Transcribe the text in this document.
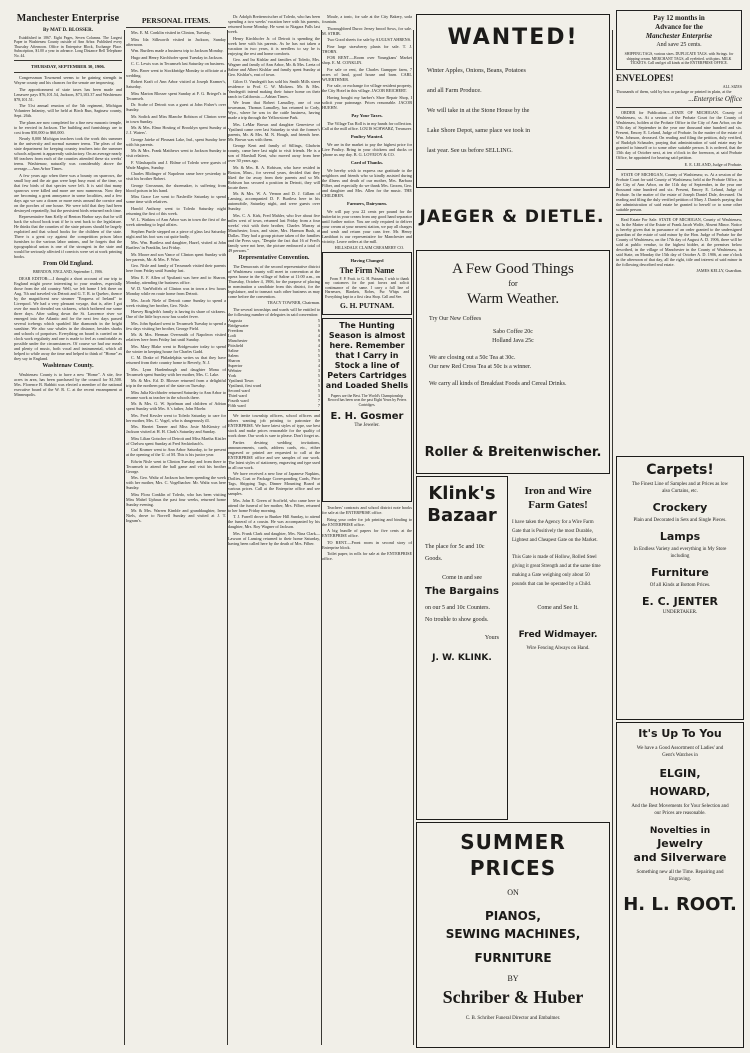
Manchester Enterprise
By MAT D. BLOSSER.

Established in 1867. Eight Pages, Seven Columns. The Largest Paper in Washtenaw County outside of Ann Arbor. Published every Thursday Afternoon. Office in Enterprise Block, Exchange Place. Subscription, $1.00 a year in advance. Long Distance Bell Telephone No. 44.

THURSDAY, SEPTEMBER 30, 1906.

Congressman Townsend seems to be gaining strength in Wayne county and his chances for the senate are improving.

The apportionment of state taxes has been made and Lenawee pays $76,101.54, Jackson, $73,103.37 and Washtenaw $78,101.51.

The 51st annual reunion of the 5th regiment, Michigan Volunteer Infantry, will be held at Birch Run, Saginaw county, Sept. 26th.

The plans are now completed for a fine new masonic temple, to be erected in Jackson. The building and furnishings are to cost from $50,000 to $60,000.

Nearly 8,000 Michigan teachers took the work this summer in the university and normal summer terms. The pleas of the state department for keeping country teachers into the summer schools adjacent is apparently satisfactory. On an average nearly 60 teachers from each of the counties attended these six weeks' terms. Washtenaw, naturally was considerably above the average.—Ann Arbor Times.

A few years ago when there was a bounty on sparrows, the small boy and the air gun were kept busy most of the time, so that few birds of that species were left. It is said that many sparrows were killed and more are now numerous. Now they are becoming a great annoyance in some localities, and a few days ago we saw a dozen or more nests around the cornice and on the porches of one house. We were told that they had been destroyed repeatedly, but the persistent birds returned each time.

Representative Sam Kelly of Benton Harbor says that he will back the school book trust if he is sent back to the legislature. He thinks that the counties of the state prisons should be largely exploited and that school books for the children of the state. There is a great cry against the competition prison labor furnishes to the various labor unions, and he forgets that the typographical union is one of the strongest in the state and would be seriously affected if convicts were set at work printing books.

From Old England.
BRENDON, ENGLAND, September 1, 1906.

DEAR EDITOR:—I thought a short account of our trip to England might prove interesting to your readers, especially those from the old country. Well, we left home I left there on Aug. 7th and traveled via Detroit and G. T. R. to Quebec, thence by the magnificent new steamer "Empress of Ireland" to Liverpool. We had a very pleasant voyage, that is, after I got over the much dreaded sea sickness, which bothered me some three days. After sailing down the St. Lawrence river we emerged into the Atlantic and for the next few days passed several icebergs which sparkled like diamonds in the bright sunshine. We also saw whales in the distance, besides sharks and schools of porpoises. Everything on board is carried on in clock work regularity and one is made to feel as comfortable as possible under the circumstances. Of course we had our meals and plenty of music, both vocal and instrumental, which all helped to while away the time and helped to think of "Home" as they say in England.

Washtenaw County.

Washtenaw County is to have a new "Home". A site, five acres in area, has been purchased by the council for $1,500. Mrs. Florence B. Babbitt was elected a member of the national executive board of the W. R. C. at the recent encampment at Minneapolis.

PERSONAL ITEMS.

Mrs. E. M. Conklin visited in Clinton, Tuesday.

Miss Ida Silkworth visited in Jackson, Sunday afternoon.

Wm. Burtless made a business trip to Jackson Monday.

Hugo and Henry Kirchhofer spent Tuesday in Jackson.

C. C. Lewis was in Tecumseh last Saturday on business.

Mrs. Broer went to Stockbridge Monday to officiate at a wedding.

Robert Kraft of Ann Arbor visited at Joseph Kramer's, Saturday.

Miss Marion Blosser spent Sunday at F. G. Briegel's in Tecumseh.

Dr. Scabe of Detroit was a guest at John Fisher's over Sunday.

Mr. Sodick and Miss Blanche Robison of Clinton were in town Sunday.

Mr. & Mrs. Elmo Hosting of Brooklyn spent Sunday at J. J. Waters'.

George Jaieke of Pleasant Lake, Ind., spent Sunday here with his parents.

Mr. & Mrs. Frank Matthews went to Jackson Sunday to visit relatives.

F. Vilashapolis and J. Ehlme of Toledo were guests of Wade Magins, Sunday.

Charles Blidinger of Napoleon came here yesterday to visit his brother Robert.

George Grossman, the shoemaker, is suffering from blood poison in his hand.

Miss Grace Lee went to Nashville Saturday to spend some time with relatives.

Harold Anthony went to Toledo Saturday night returning the first of this week.

W. L. Watkins of Ann Arbor was in town the first of the week attending to legal affairs.

Stephen Purtle stepped on a piece of glass last Saturday night and his foot was cut quite badly.

Mrs. Wm. Burtless and daughter, Hazel, visited at John Burtless' in Franklin, last Friday.

Mr. Moore and son Vance of Clinton spent Sunday with her parents, Mr. & Mrs. F. Wise.

Geo. Nisle and family of Tecumseh visited their parents here from Friday until Sunday last.

Miss E. F. Allen of Ypsilanti was here and to Sharon, Monday, attending the business office.

W. D. VanWoffels of Clinton was in town a few hours Monday while en route home from Detroit.

Mrs. Jacob Niele of Detroit came Sunday to spend a week visiting her brother, Geo. Nisle.

Harvey Ringleib's family is having its share of sickness. One of the little boys now has scarlet fever.

Mrs. John Spalard went to Tecumseh Tuesday to spend a few days visiting her brother, George Field.

Mr. & Mrs. Herman Oversmith of Napoleon visited relatives here from Friday last until Sunday.

Mrs. Mary Blake went to Bridgewater today to spend the winter in keeping house for Charles Gadd.

C. M. Drake of Philadelphia writes us that they have returned from their country home to Beverly, N. J.

Mrs. Lynn Hardenburgh and daughter Mona of Tecumseh spent Sunday with her mother, Mrs. C. Lake.

Mr. & Mrs. Ed. D. Blosser returned from a delightful trip in the northern part of the state on Tuesday.

Miss Julia Kirchhofer returned Saturday to Ann Arbor to resume work as teacher in the schools there.

Mr. & Mrs. G. W. Spielman and children of Adrian spent Sunday with Mrs. S.'s father, John Moehr.

Mrs. Fred Kessler went to Toledo Saturday to care for her mother, Mrs. C. Vogel, who is dangerously ill.

Mrs. Harriet Tanner and Miss Josie McKinstry of Jackson visited at H. H. Clark's Saturday and Sunday.

Miss Lilian Gotscher of Detroit and Miss Martha Kistler of Chelsea spent Sunday at Fred Seckinbach's.

Carl Kramer went to Ann Arbor Saturday, to be present at the opening of the U. of M. This is his junior year.

Edwin Nisle went to Clinton Tuesday and from there to Tecumseh to attend the ball game and visit his brother George.

Mrs. Geo. Waltz of Jackson has been spending the week with her mother, Mrs. C. Vogelbacher. Mr. Waltz was here Sunday.

Miss Flora Conklin of Toledo, who has been visiting Miss Mabel Uphaus the past four weeks, returned home Sunday evening.

Mr. & Mrs. Warren Kimble and granddaughter, Irene Niels, drove to Norvell Sunday and visited at J. T. Ingram's.

Dr. Adolph Breitenwischer of Toledo, who has been spending a two weeks' vacation here with his parents, returned home Monday. He went to Niagara Falls last week.

Henry Kirchhofer Jr. of Detroit is spending the week here with his parents. As he has not taken a vacation in two years, it is needless to say he is enjoying the rest and home comforts.

Geo. and Ira Kishlar and families of Toledo, Mrs. Wagner and family of Ann Arbor, Mr. & Mrs. Leeta of Saline and Albert Kishlar and family spent Sunday at Geo. Kishlar's, east of town.

Gilon O. Vandegrift has sold his Smith Mills street residence to Prof. C. W. Mickens. Mr. & Mrs. Vandegrift intend making their future home on their ranch in California —Adrian Times.

We learn that Robert Lamalley, one of our townsman, Thomas Lamalley, has returned to Cody, Wyo., where he was in the cattle business, having made a trip through the Yellowstone Park.

Mrs. LeMar Brown and daughter Genevieve of Ypsilanti came over last Saturday to visit the former's parents, Mr. & Mrs. M. N. Hough, and friends here. Mr. Brown was with them.

George Kent and family of Sillings, Gladwin county, came here last night to visit friends. He is a son of Marshall Kent, who moved away from here over 30 years ago.

Mr. & Mrs. B. A. Robison, who have resided in Boston, Mass., for several years, decided that they liked the far away from their parents and so Mr. Robison has secured a position in Detroit, they will locate there.

Mr. & Mrs. W. A. Vernon and D. J. Gillam of Lansing, accompanied D. F. Burtless here in his automobile, Saturday night, and were guests over Sunday.

Mrs. C. A. Kirk, Fred Mahler, who live about five miles west of town, returned last Friday from a four weeks' visit with their brother, Charles Murray at Manchester, Iowa, and sister, Mrs. Harmon Bush, at Dallas. They had a group picture taken of the families and the Press says, "Despite the fact that 16 of Fred's family were not here, the picture embraced a total of 49 persons."

Representative Convention.

The Democrats of the second representative district of Washtenaw county will meet in convention at the opera house in the village of Saline at 11:00 a.m., on Thursday, October 4, 1906, for the purpose of placing in nomination a candidate from this district, for the legislature, and to transact such other business as may come before the convention.

TRACY TOWNER, Chairman.

The several townships and wards will be entitled to the following number of delegates in said convention:

Augusta	5
Bridgewater	3
Freedom	6
Lodi	4
Manchester	9
Pittsfield	4
Saline	5
Salem	5
Sharon	3
Superior	4
Webster	3
York	5
Ypsilanti Town	3
Ypsilanti, first ward	5
Second ward	5
Third ward	3
Fourth ward	7
Fifth ward	7

We invite township officers, school officers and others wanting job printing to patronize the ENTERPRISE. We have latest styles of type, use best stock and make prices reasonable for the quality of work done. Our work is sure to please. Don't forget us.

Parties desiring wedding invitations, announcements, cards, address cards, etc., either engraved or printed are requested to call at the ENTERPRISE office and see samples of our work. The latest styles of stationery, engraving and type used in all our work.

We have received a new line of Japanese Napkins, Doilies, Coat or Package Corresponding Cards, Price Tags, Shipping Tags, Dinner Mounting Board at various prices. Call at the Enterprise office and see samples.

Mrs. John E. Green of Scofield, who came here to attend the funeral of her mother, Mrs. Filber, returned to her home Friday morning.

T. J. Farrell drove to Bunker Hill Sunday, to attend the funeral of a cousin. He was accompanied by his daughter, Mrs. Roy Wagner of Jackson.

Mrs. Frank Clark and daughter, Mrs. Nina Clark—Lawson of Lansing returned to their home Saturday, having been called here by the death of Mrs. Filber.

Moale, a tonic, for sale at the City Bakery, soda fountain.

Thoroughbred Duroc Jersey brood Sows, for sale. M. STRIB.

Two Good sheets for sale by AUGUST AHRENS.

Fine large strawberry plants for sale. T. J. THORN.

FOR RENT.—Room over Youngkans' Market shop. E. M. CONKLIN.

For sale or rent, the Charles Gumpper farm, 7 acres of land, good house and barn. CARL WUERTHNER.

For sale, or exchange for village resident property, the City Hotel in this village. JACOB REICHERT.

Having bought my barber's Shoe Repair Shop, I solicit your patronage. Prices reasonable. JACOB HUEHN.

Pay Your Taxes.

The Village Tax Roll is in my hands for collection. Call at the mill office. LOUIS SCHWARZ, Treasurer.

Poultry Wanted.

We are in the market to pay the highest price for Live Poultry. Bring in your chickens and ducks or 'phone us any day. B. G. LOVEJOY & CO.

Card of Thanks.

We hereby wish to express our gratitude to the neighbors and friends who so kindly assisted during the illness and death of our mother, Mrs. Barbara Filber, and especially do we thank Mrs. Groom, Geo. and daughter and Mrs. Allen for the music. THE CHILDREN.

Farmers, Dairymen.

We will pay you 22 cents per pound for the butterfat in your cream from any good hand separator until further notice. You are only required to deliver your cream at your nearest station, we pay all charges and wash and return your cans free. Mr. Henry Lambhart is our representative for Manchester and vicinity. Leave orders at the mill.

HILLSDALE CLAIM CREAMERY CO.

Having Changed
The Firm Name

From F. P. Fruit. to G. H. Putnam, I wish to thank my customers for the past favors and solicit continuance of the same. I carry a full line of Harnesses, Blankets, Robes, Fur Whips and Everything kept in a first class Shop. Call and See.

G. H. PUTNAM.
The Hunting Season is almost here. Remember that I Carry in Stock a line of Peters Cartridges and Loaded Shells

Papers are the Best. The World's Championship Record has been won the past Eight Years by Peters Cartridges.

E. H. Gosmer
The Jeweler.

Teachers' contracts and school district note books for sale at the ENTERPRISE office.

Bring your order for job printing and binding to the ENTERPRISE office.

A big bundle of papers for five cents at the ENTERPRISE office.

TO RENT.—Front room in second story of Enterprise block.

Toilet paper, in rolls for sale at the ENTERPRISE office.

WANTED!

Winter Apples, Onions, Beans, Potatoes

and all Farm Produce.

We will take in at the Stone House by the

Lake Shore Depot, same place we took in

last year. See us before SELLING.

JAEGER & DIETLE.
A Few Good Things
for
Warm Weather.

Try Our New Coffees

Sabo Coffee 20c

Holland Java 25c

We are closing out a 50c Tea at 30c.

Our new Red Cross Tea at 50c is a winner.

We carry all kinds of Breakfast Foods and Cereal Drinks.

Roller & Breitenwischer.
Klink's
Bazaar

The place for 5c and 10c Goods.

Come in and see
The Bargains

on our 5 and 10c Counters.

No trouble to show goods.

Yours

J. W. KLINK.
Iron and Wire
Farm Gates!

I have taken the Agency for a Wire Farm Gate that is Positively the most Durable, Lightest and Cheapest Gate on the Market.

This Gate is made of Hollow, Rolled Steel giving it great Strength and at the same time making a Gate weighing only about 50 pounds that can be operated by a Child.

Come and See It.
Fred Widmayer.
Wire Fencing Always on Hand.
SUMMER PRICES
ON
PIANOS,
SEWING MACHINES,
FURNITURE
BY
Schriber & Huber
C. B. Schriber Funeral Director and Embalmer.
Pay 12 months in
Advance for the
Manchester Enterprise
And save 25 cents.
SHIPPING TAGS, various sizes. DUPLICATE TAGS. with Strings. for shipping cream. MERCHANT TAGS, all eyeletted. with pins. MILK TICKETS. Call and get all kinds at the ENTERPRISE OFFICE.
ENVELOPES!
ALL SIZES

Thousands of them, sold by box or package or printed in plain, at the

...Enterprise Office

ORDER for Publication.—STATE OF MICHIGAN. County of Washtenaw, ss. At a session of the Probate Court for the County of Washtenaw, holden at the Probate Office in the City of Ann Arbor, on the 17th day of September in the year one thousand nine hundred and six. Present, Emory E. Leland, Judge of Probate. In the matter of the estate of Wm. Johnson, deceased. On reading and filing the petition, duly verified, of Rudolph Schauder, praying that administration of said estate may be granted to himself or to some other suitable person. It is ordered, that the 15th day of October next, at ten o'clock in the forenoon, at said Probate Office, be appointed for hearing said petition.

E. E. LELAND, Judge of Probate.

STATE OF MICHIGAN, County of Washtenaw, ss. At a session of the Probate Court for said County of Washtenaw, held at the Probate Office, in the City of Ann Arbor, on the 11th day of September, in the year one thousand nine hundred and six. Present, Emory E. Leland, Judge of Probate. In the matter of the estate of Joseph Daniel Dale, deceased. On reading and filing the duly verified petition of Mary J. Daniels praying that the administration of said estate be granted to herself or to some other suitable person.

Real Estate For Sale. STATE OF MICHIGAN, County of Washtenaw, ss. In the Matter of the Estate of Frank Jacob Wolfe, Absent Minor. Notice is hereby given that in pursuance of an order granted to the undersigned guardian of the estate of said minor by the Hon. Judge of Probate for the County of Washtenaw, on the 17th day of August A. D. 1906, there will be sold at public vendue, to the highest bidder, at the premises below described, in the village of Manchester in the County of Washtenaw, in said State, on Monday the 15th day of October A. D. 1906, at one o'clock in the afternoon of that day, all the right, title and interest of said minor in the following described real estate.

JAMES KELLY, Guardian.

Carpets!
The Finest Line of Samples and at Prices as low also Curtains, etc.
Crockery
Plain and Decorated in Sets and Single Pieces.
Lamps
In Endless Variety and everything in My Store including
Furniture
Of all Kinds at Bottom Prices.
E. C. JENTER
UNDERTAKER.
It's Up To You
We have a Good Assortment of Ladies' and Gent's Watches in
ELGIN,
HOWARD,
And the Best Movements for Your Selection and our Prices are reasonable.
Novelties in
Jewelry
and Silverware
Something new all the Time. Repairing and Engraving.
H. L. ROOT.
